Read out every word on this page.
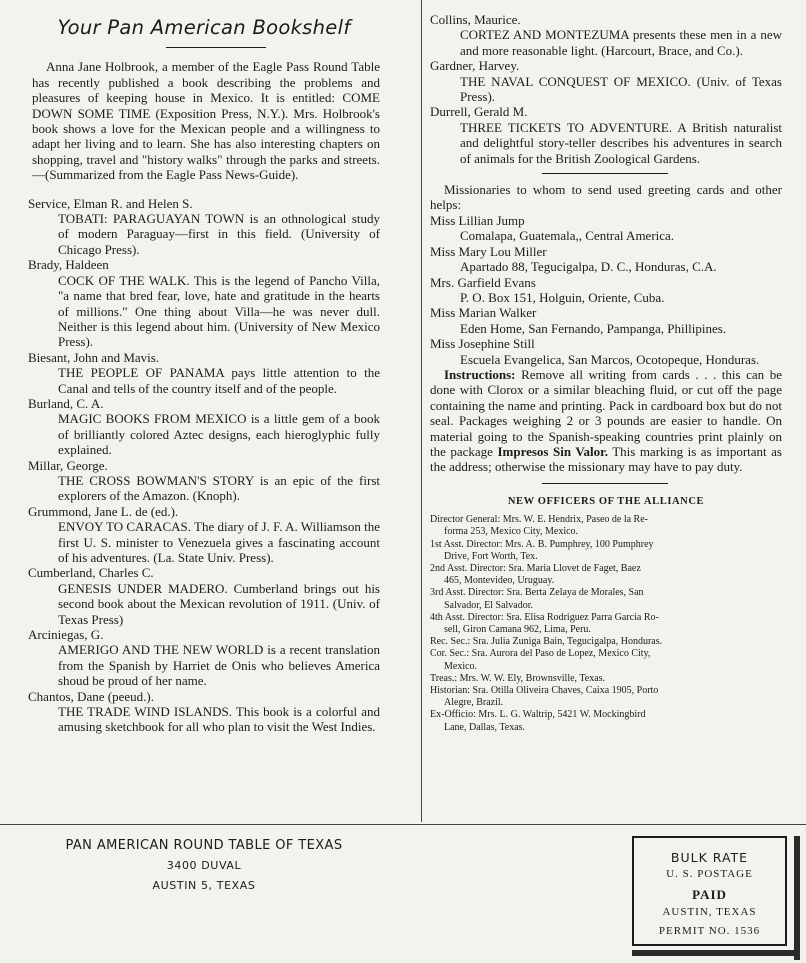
Your Pan American Bookshelf

Anna Jane Holbrook, a member of the Eagle Pass Round Table has recently published a book describing the problems and pleasures of keeping house in Mexico. It is entitled: COME DOWN SOME TIME (Exposition Press, N.Y.). Mrs. Holbrook's book shows a love for the Mexican people and a willingness to adapt her living and to learn. She has also interesting chapters on shopping, travel and "history walks" through the parks and streets.—(Summarized from the Eagle Pass News-Guide).

Service, Elman R. and Helen S.

TOBATI: PARAGUAYAN TOWN is an othnological study of modern Paraguay—first in this field. (University of Chicago Press).

Brady, Haldeen

COCK OF THE WALK. This is the legend of Pancho Villa, "a name that bred fear, love, hate and gratitude in the hearts of millions." One thing about Villa—he was never dull. Neither is this legend about him. (University of New Mexico Press).

Biesant, John and Mavis.

THE PEOPLE OF PANAMA pays little attention to the Canal and tells of the country itself and of the people.

Burland, C. A.

MAGIC BOOKS FROM MEXICO is a little gem of a book of brilliantly colored Aztec designs, each hieroglyphic fully explained.

Millar, George.

THE CROSS BOWMAN'S STORY is an epic of the first explorers of the Amazon. (Knoph).

Grummond, Jane L. de (ed.).

ENVOY TO CARACAS. The diary of J. F. A. Williamson the first U. S. minister to Venezuela gives a fascinating account of his adventures. (La. State Univ. Press).

Cumberland, Charles C.

GENESIS UNDER MADERO. Cumberland brings out his second book about the Mexican revolution of 1911. (Univ. of Texas Press)

Arciniegas, G.

AMERIGO AND THE NEW WORLD is a recent translation from the Spanish by Harriet de Onis who believes America shoud be proud of her name.

Chantos, Dane (peeud.).

THE TRADE WIND ISLANDS. This book is a colorful and amusing sketchbook for all who plan to visit the West Indies.

Collins, Maurice.

CORTEZ AND MONTEZUMA presents these men in a new and more reasonable light. (Harcourt, Brace, and Co.).

Gardner, Harvey.

THE NAVAL CONQUEST OF MEXICO. (Univ. of Texas Press).

Durrell, Gerald M.

THREE TICKETS TO ADVENTURE. A British naturalist and delightful story-teller describes his adventures in search of animals for the British Zoological Gardens.

Missionaries to whom to send used greeting cards and other helps:

Miss Lillian Jump

Comalapa, Guatemala,, Central America.

Miss Mary Lou Miller

Apartado 88, Tegucigalpa, D. C., Honduras, C.A.

Mrs. Garfield Evans

P. O. Box 151, Holguin, Oriente, Cuba.

Miss Marian Walker

Eden Home, San Fernando, Pampanga, Phillipines.

Miss Josephine Still

Escuela Evangelica, San Marcos, Ocotopeque, Honduras.

Instructions: Remove all writing from cards . . . this can be done with Clorox or a similar bleaching fluid, or cut off the page containing the name and printing. Pack in cardboard box but do not seal. Packages weighing 2 or 3 pounds are easier to handle. On material going to the Spanish-speaking countries print plainly on the package Impresos Sin Valor. This marking is as important as the address; otherwise the missionary may have to pay duty.

NEW OFFICERS OF THE ALLIANCE

Director General: Mrs. W. E. Hendrix, Paseo de la Re-
forma 253, Mexico City, Mexico.

1st Asst. Director: Mrs. A. B. Pumphrey, 100 Pumphrey
Drive, Fort Worth, Tex.

2nd Asst. Director: Sra. Maria Llovet de Faget, Baez
465, Montevideo, Uruguay.

3rd Asst. Director: Sra. Berta Zelaya de Morales, San
Salvador, El Salvador.

4th Asst. Director: Sra. Elisa Rodriguez Parra Garcia Ro-
sell, Giron Camana 962, Lima, Peru.

Rec. Sec.: Sra. Julia Zuniga Bain, Tegucigalpa, Honduras.

Cor. Sec.: Sra. Aurora del Paso de Lopez, Mexico City,
Mexico.

Treas.: Mrs. W. W. Ely, Brownsville, Texas.

Historian: Sra. Otilla Oliveira Chaves, Caixa 1905, Porto
Alegre, Brazil.

Ex-Officio: Mrs. L. G. Waltrip, 5421 W. Mockingbird
Lane, Dallas, Texas.

PAN AMERICAN ROUND TABLE OF TEXAS
3400 DUVAL
AUSTIN 5, TEXAS
BULK RATE
U. S. POSTAGE
PAID
AUSTIN, TEXAS
PERMIT NO. 1536
